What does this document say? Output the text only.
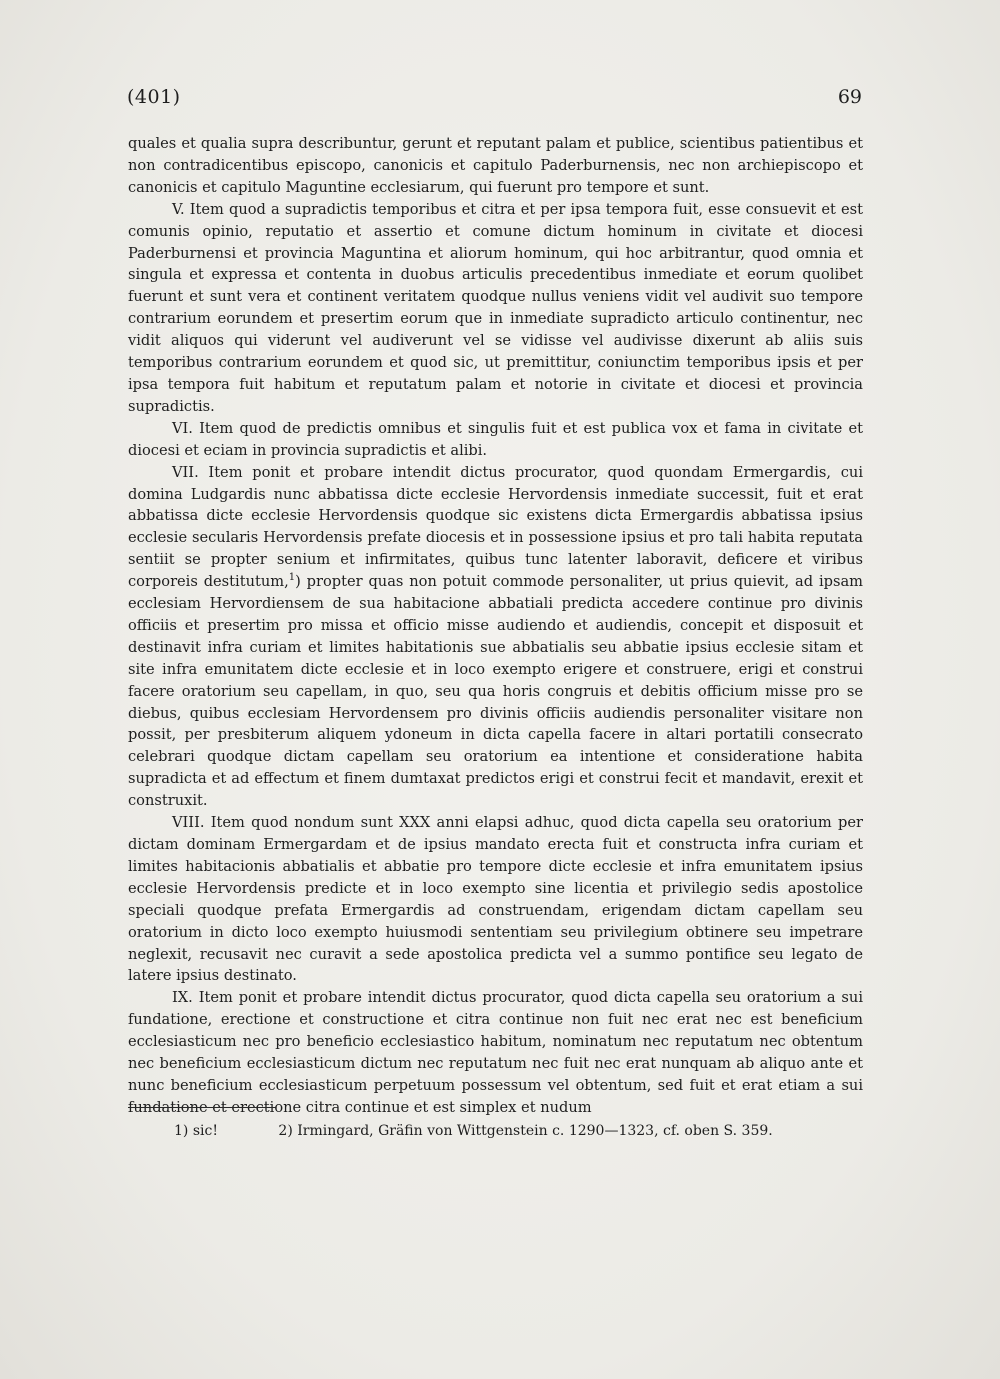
(401)	69

quales et qualia supra describuntur, gerunt et reputant palam et publice, scientibus patientibus et non contradicentibus episcopo, canonicis et capitulo Paderburnensis, nec non archiepiscopo et canonicis et capitulo Maguntine ecclesiarum, qui fuerunt pro tempore et sunt.

V. Item quod a supradictis temporibus et citra et per ipsa tempora fuit, esse consuevit et est comunis opinio, reputatio et assertio et comune dictum hominum in civitate et diocesi Paderburnensi et provincia Maguntina et aliorum hominum, qui hoc arbitrantur, quod omnia et singula et expressa et contenta in duobus articulis precedentibus inmediate et eorum quolibet fuerunt et sunt vera et continent veritatem quodque nullus veniens vidit vel audivit suo tempore contrarium eorundem et presertim eorum que in inmediate supradicto articulo continentur, nec vidit aliquos qui viderunt vel audiverunt vel se vidisse vel audivisse dixerunt ab aliis suis temporibus contrarium eorundem et quod sic, ut premittitur, coniunctim temporibus ipsis et per ipsa tempora fuit habitum et reputatum palam et notorie in civitate et diocesi et provincia supradictis.

VI. Item quod de predictis omnibus et singulis fuit et est publica vox et fama in civitate et diocesi et eciam in provincia supradictis et alibi.

VII. Item ponit et probare intendit dictus procurator, quod quondam Ermergardis, cui domina Ludgardis nunc abbatissa dicte ecclesie Hervordensis inmediate successit, fuit et erat abbatissa dicte ecclesie Hervordensis quodque sic existens dicta Ermergardis abbatissa ipsius ecclesie secularis Hervordensis prefate diocesis et in possessione ipsius et pro tali habita reputata sentiit se propter senium et infirmitates, quibus tunc latenter laboravit, deficere et viribus corporeis destitutum,$^1$) propter quas non potuit commode personaliter, ut prius quievit, ad ipsam ecclesiam Hervordiensem de sua habitacione abbatiali predicta accedere continue pro divinis officiis et presertim pro missa et officio misse audiendo et audiendis, concepit et disposuit et destinavit infra curiam et limites habitationis sue abbatialis seu abbatie ipsius ecclesie sitam et site infra emunitatem dicte ecclesie et in loco exempto erigere et construere, erigi et construi facere oratorium seu capellam, in quo, seu qua horis congruis et debitis officium misse pro se diebus, quibus ecclesiam Hervordensem pro divinis officiis audiendis personaliter visitare non possit, per presbiterum aliquem ydoneum in dicta capella facere in altari portatili consecrato celebrari quodque dictam capellam seu oratorium ea intentione et consideratione habita supradicta et ad effectum et finem dumtaxat predictos erigi et construi fecit et mandavit, erexit et construxit.

VIII. Item quod nondum sunt XXX anni elapsi adhuc, quod dicta capella seu oratorium per dictam dominam Ermergardam et de ipsius mandato erecta fuit et constructa infra curiam et limites habitacionis abbatialis et abbatie pro tempore dicte ecclesie et infra emunitatem ipsius ecclesie Hervordensis predicte et in loco exempto sine licentia et privilegio sedis apostolice speciali quodque prefata Ermergardis ad construendam, erigendam dictam capellam seu oratorium in dicto loco exempto huiusmodi sententiam seu privilegium obtinere seu impetrare neglexit, recusavit nec curavit a sede apostolica predicta vel a summo pontifice seu legato de latere ipsius destinato.

IX. Item ponit et probare intendit dictus procurator, quod dicta capella seu oratorium a sui fundatione, erectione et constructione et citra continue non fuit nec erat nec est beneficium ecclesiasticum nec pro beneficio ecclesiastico habitum, nominatum nec reputatum nec obtentum nec beneficium ecclesiasticum dictum nec reputatum nec fuit nec erat nunquam ab aliquo ante et nunc beneficium ecclesiasticum perpetuum possessum vel obtentum, sed fuit et erat etiam a sui fundatione et erectione citra continue et est simplex et nudum

1) sic!	2) Irmingard, Gräfin von Wittgenstein c. 1290—1323, cf. oben S. 359.
